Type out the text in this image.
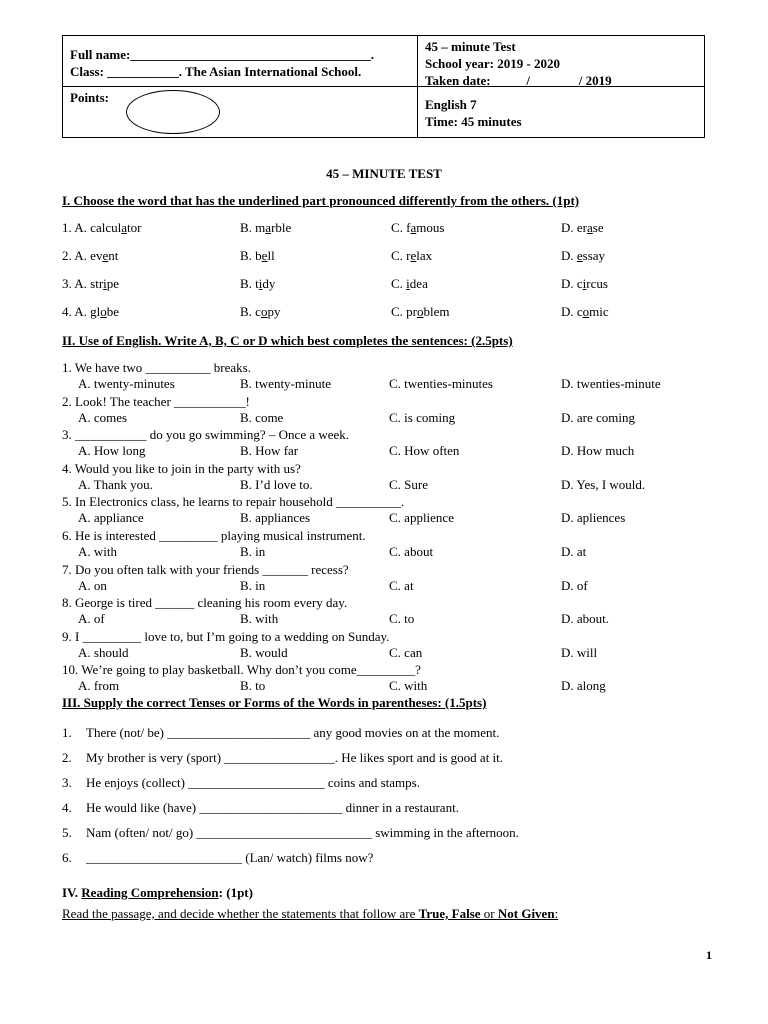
Full name:_____________________________________.
Class: ___________. The Asian International School.
45 – minute Test
School year: 2019 - 2020
Taken date: _____/ _______/ 2019
Points:	English 7
Time: 45 minutes
45 – MINUTE TEST
I. Choose the word that has the underlined part pronounced differently from the others. (1pt)
1. A. calculator	B. marble	C. famous	D. erase
2. A. event	B. bell	C. relax	D. essay
3. A. stripe	B. tidy	C. idea	D. circus
4. A. globe	B. copy	C. problem	D. comic
II. Use of English. Write A, B, C or D which best completes the sentences: (2.5pts)
1. We have two __________ breaks.
A. twenty-minutes	B. twenty-minute	C. twenties-minutes	D. twenties-minute
2. Look! The teacher ___________!
A. comes	B. come	C. is coming	D. are coming
3. ___________ do you go swimming? – Once a week.
A. How long	B. How far	C. How often	D. How much
4. Would you like to join in the party with us?
A. Thank you.	B. I’d love to.	C. Sure	D. Yes, I would.
5. In Electronics class, he learns to repair household __________.
A. appliance	B. appliances	C. applience	D. apliences
6. He is interested _________ playing musical instrument.
A. with	B. in	C. about	D. at
7. Do you often talk with your friends _______ recess?
A. on	B. in	C. at	D. of
8. George is tired ______ cleaning his room every day.
A. of	B. with	C. to	D. about.
9. I _________ love to, but I’m going to a wedding on Sunday.
A. should	B. would	C. can	D. will
10. We’re going to play basketball. Why don’t you come_________?
A. from	B. to	C. with	D. along
III. Supply the correct Tenses or Forms of the Words in parentheses: (1.5pts)
1. There (not/ be) ______________________ any good movies on at the moment.
2. My brother is very (sport) _________________. He likes sport and is good at it.
3. He enjoys (collect) _____________________ coins and stamps.
4. He would like (have) ______________________ dinner in a restaurant.
5. Nam (often/ not/ go) ___________________________ swimming in the afternoon.
6. ________________________ (Lan/ watch) films now?
IV. Reading Comprehension: (1pt)
Read the passage, and decide whether the statements that follow are True, False or Not Given:
1
